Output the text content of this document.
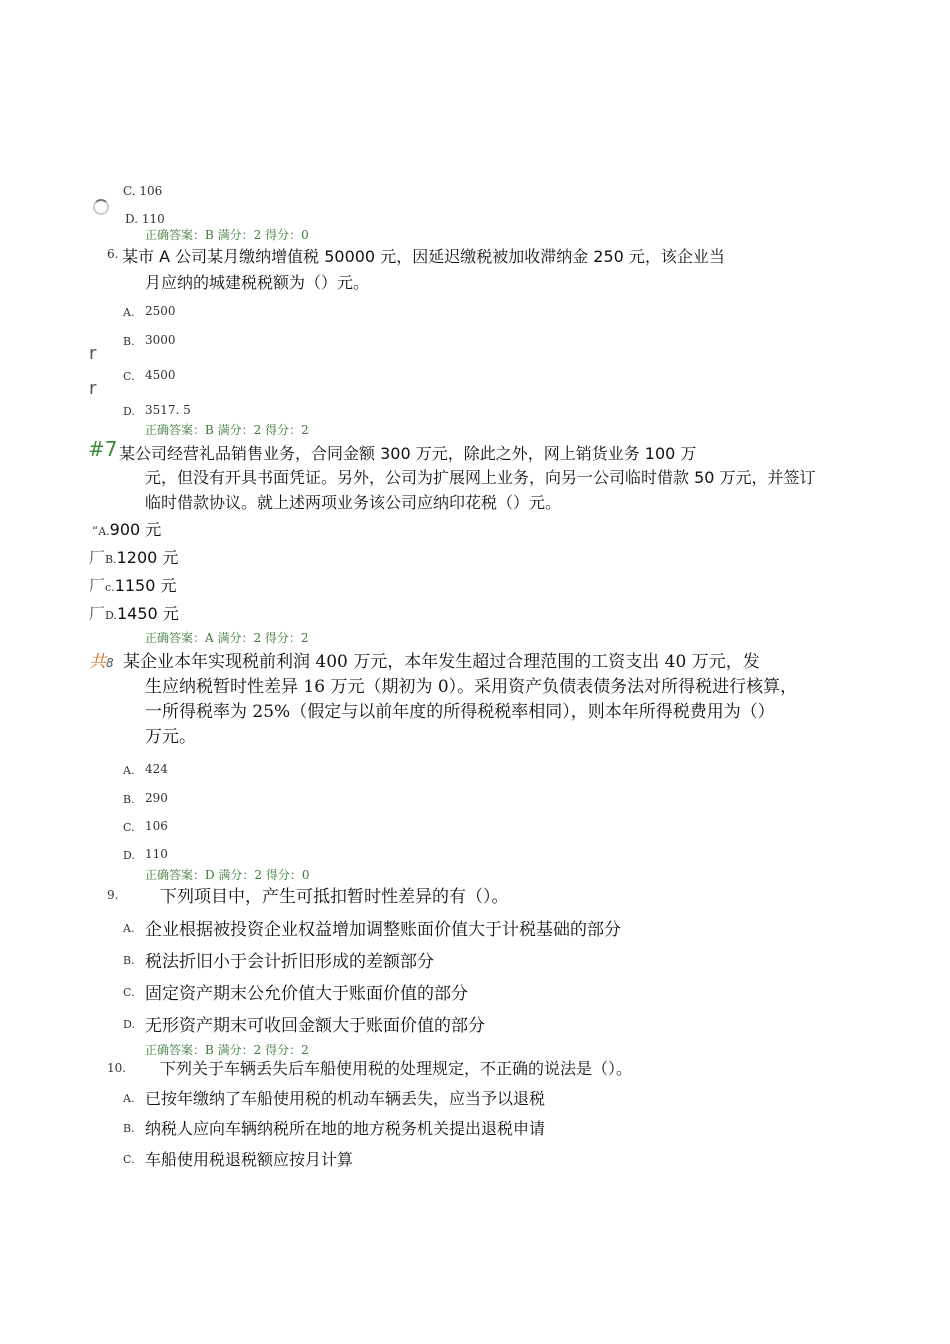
C. 106
D. 110
正确答案：B 满分：2 得分：0
6. 某市 A 公司某月缴纳增值税 50000 元，因延迟缴税被加收滞纳金 250 元，该企业当
月应纳的城建税税额为（）元。
A. 2500
B. 3000
r
C. 4500
r
D. 3517. 5
正确答案：B 满分：2 得分：2
#7 某公司经营礼品销售业务，合同金额 300 万元，除此之外，网上销货业务 100 万
元，但没有开具书面凭证。另外，公司为扩展网上业务，向另一公司临时借款 50 万元，并签订
临时借款协议。就上述两项业务该公司应纳印花税（）元。
“A.900 元
厂B.1200 元
厂c.1150 元
厂D.1450 元
正确答案：A 满分：2 得分：2
共8 某企业本年实现税前利润 400 万元，本年发生超过合理范围的工资支出 40 万元，发
生应纳税暂时性差异 16 万元（期初为 0）。采用资产负债表债务法对所得税进行核算，
一所得税率为 25%（假定与以前年度的所得税税率相同），则本年所得税费用为（）
万元。
A. 424
B. 290
C. 106
D. 110
正确答案：D 满分：2 得分：0
9. 下列项目中，产生可抵扣暂时性差异的有（）。
A. 企业根据被投资企业权益增加调整账面价值大于计税基础的部分
B. 税法折旧小于会计折旧形成的差额部分
C. 固定资产期末公允价值大于账面价值的部分
D. 无形资产期末可收回金额大于账面价值的部分
正确答案：B 满分：2 得分：2
10. 下列关于车辆丢失后车船使用税的处理规定，不正确的说法是（）。
A. 已按年缴纳了车船使用税的机动车辆丢失，应当予以退税
B. 纳税人应向车辆纳税所在地的地方税务机关提出退税申请
C. 车船使用税退税额应按月计算
